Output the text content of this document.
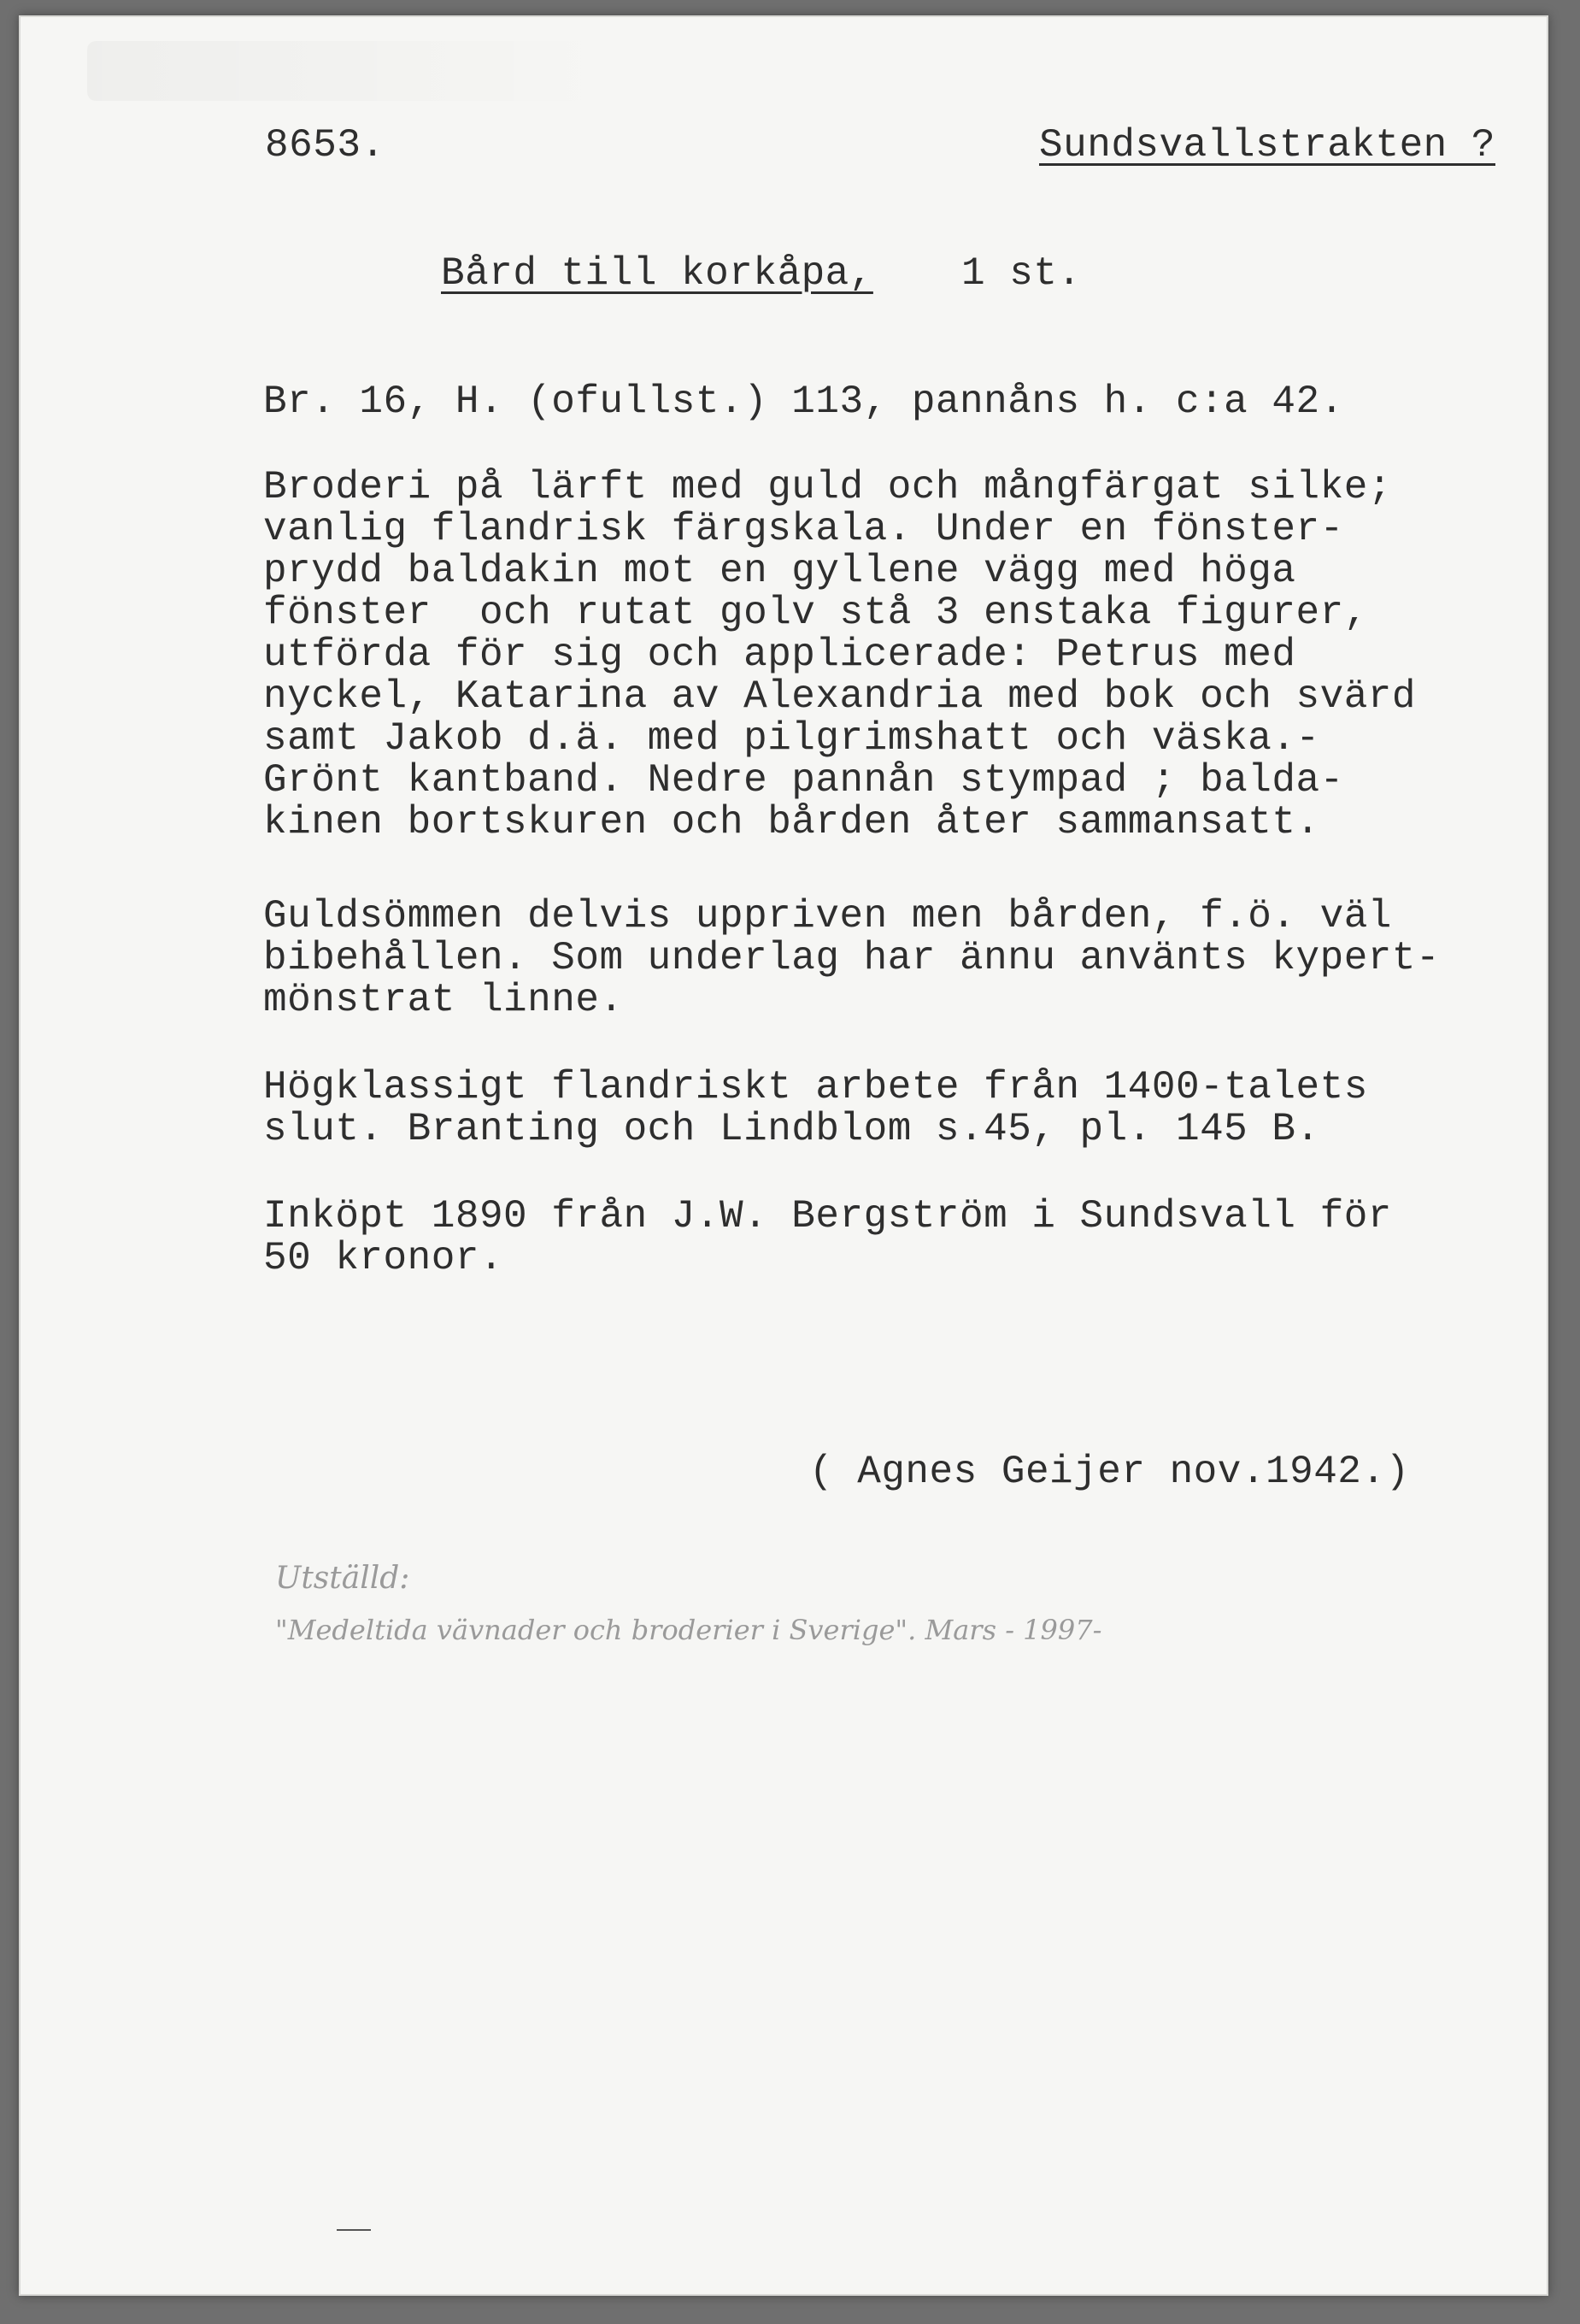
8653.	Sundsvallstrakten ?
Bård till korkåpa, 1 st.
Br. 16, H. (ofullst.) 113, pannåns h. c:a 42.
Broderi på lärft med guld och mångfärgat silke;
vanlig flandrisk färgskala. Under en fönster-
prydd baldakin mot en gyllene vägg med höga
fönster  och rutat golv stå 3 enstaka figurer,
utförda för sig och applicerade: Petrus med
nyckel, Katarina av Alexandria med bok och svärd
samt Jakob d.ä. med pilgrimshatt och väska.-
Grönt kantband. Nedre pannån stympad ; balda-
kinen bortskuren och bården åter sammansatt.
Guldsömmen delvis uppriven men bården, f.ö. väl
bibehållen. Som underlag har ännu använts kypert-
mönstrat linne.
Högklassigt flandriskt arbete från 1400-talets
slut. Branting och Lindblom s.45, pl. 145 B.
Inköpt 1890 från J.W. Bergström i Sundsvall för
50 kronor.
( Agnes Geijer nov.1942.)
Utställd:
"Medeltida vävnader och broderier i Sverige". Mars - 1997-
